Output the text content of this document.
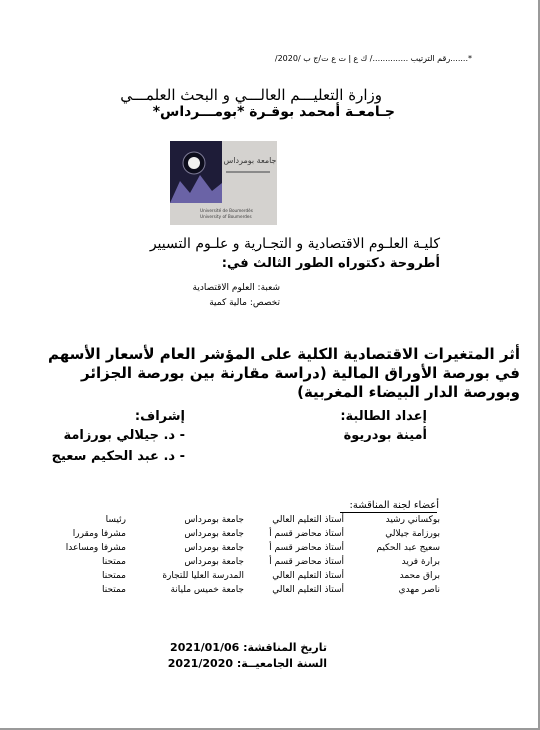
*.......رقم الترتيب ............../ ك ع إ ت ع ت/ج ب /2020/
وزارة التعليـــم العالـــي و البحث العلمـــي
جـامعـة أمحمد بوقـرة *بومـــرداس*
جامعة بومرداس
Université de Boumerdès
University of Boumerdes
كليـة العلـوم الاقتصادية و التجـارية و علـوم التسيير
أطروحة دكتوراه الطور الثالث في:
شعبة: العلوم الاقتصادية
تخصص: مالية كمية
أثر المتغيرات الاقتصادية الكلية على المؤشر العام لأسعار الأسهم في بورصة الأوراق المالية (دراسة مقارنة بين بورصة الجزائر وبورصة الدار البيضاء المغربية)
إعداد الطالبة:
أمينة بودريوة
إشراف:
- د. جيلالي بورزامة
- د. عبد الحكيم سعيج
أعضاء لجنة المناقشة:
بوكساني رشيد	أستاذ التعليم العالي	جامعة بومرداس	رئيسا
بورزامة جيلالي	أستاذ محاضر قسم أ	جامعة بومرداس	مشرفا ومقررا
سعيج عبد الحكيم	أستاذ محاضر قسم أ	جامعة بومرداس	مشرفا ومساعدا
برارة فريد	أستاذ محاضر قسم أ	جامعة بومرداس	ممتحنا
براق محمد	أستاذ التعليم العالي	المدرسة العليا للتجارة	ممتحنا
ناصر مهدي	أستاذ التعليم العالي	جامعة خميس مليانة	ممتحنا
تاريخ المناقشة: 2021/01/06
السنة الجامعيــة: 2021/2020
